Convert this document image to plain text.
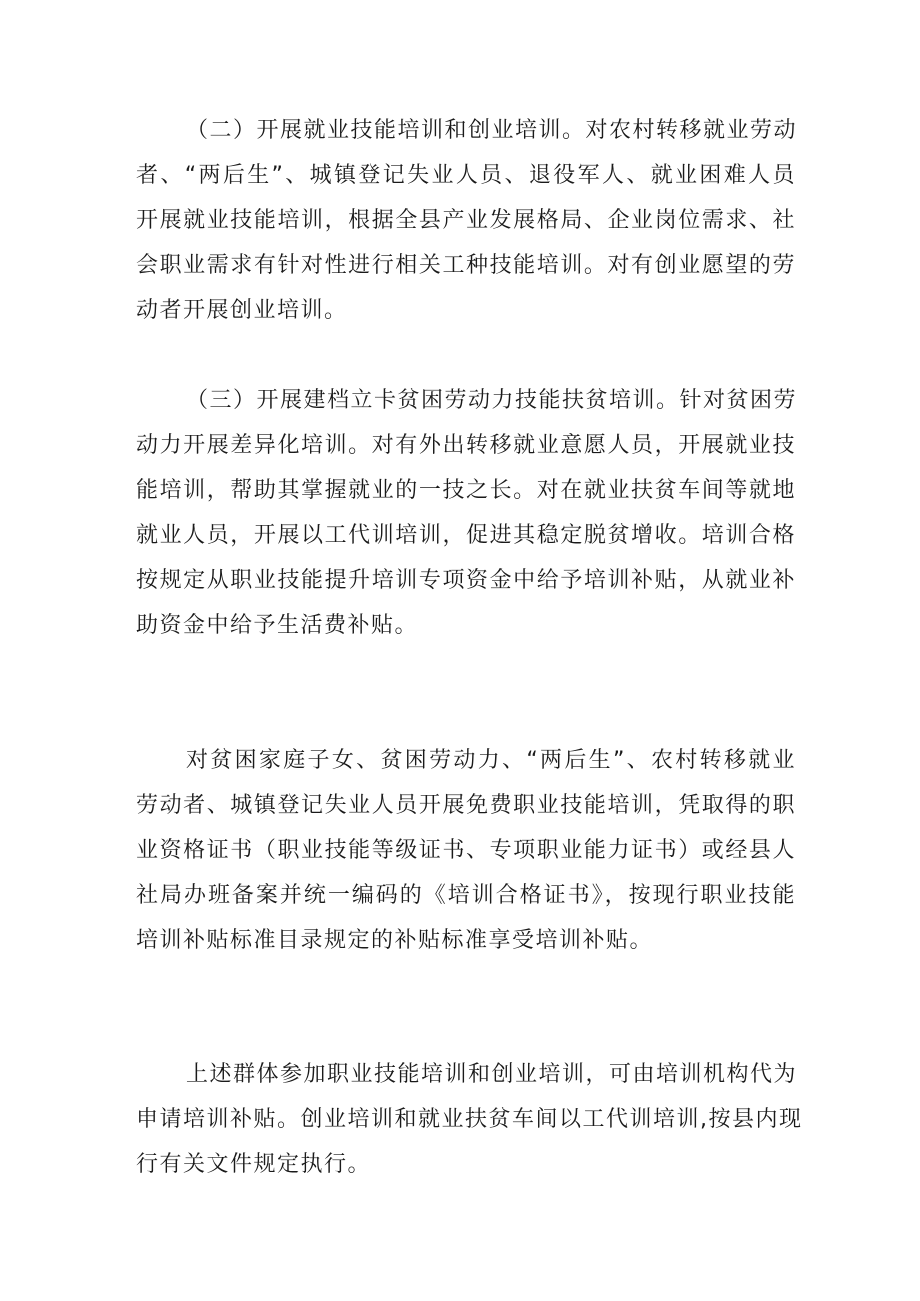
（二）开展就业技能培训和创业培训。对农村转移就业劳动
者、“两后生”、城镇登记失业人员、退役军人、就业困难人员
开展就业技能培训，根据全县产业发展格局、企业岗位需求、社
会职业需求有针对性进行相关工种技能培训。对有创业愿望的劳
动者开展创业培训。
（三）开展建档立卡贫困劳动力技能扶贫培训。针对贫困劳
动力开展差异化培训。对有外出转移就业意愿人员，开展就业技
能培训，帮助其掌握就业的一技之长。对在就业扶贫车间等就地
就业人员，开展以工代训培训，促进其稳定脱贫增收。培训合格
按规定从职业技能提升培训专项资金中给予培训补贴，从就业补
助资金中给予生活费补贴。
对贫困家庭子女、贫困劳动力、“两后生”、农村转移就业
劳动者、城镇登记失业人员开展免费职业技能培训，凭取得的职
业资格证书（职业技能等级证书、专项职业能力证书）或经县人
社局办班备案并统一编码的《培训合格证书》，按现行职业技能
培训补贴标准目录规定的补贴标准享受培训补贴。
上述群体参加职业技能培训和创业培训，可由培训机构代为
申请培训补贴。创业培训和就业扶贫车间以工代训培训,按县内现
行有关文件规定执行。
